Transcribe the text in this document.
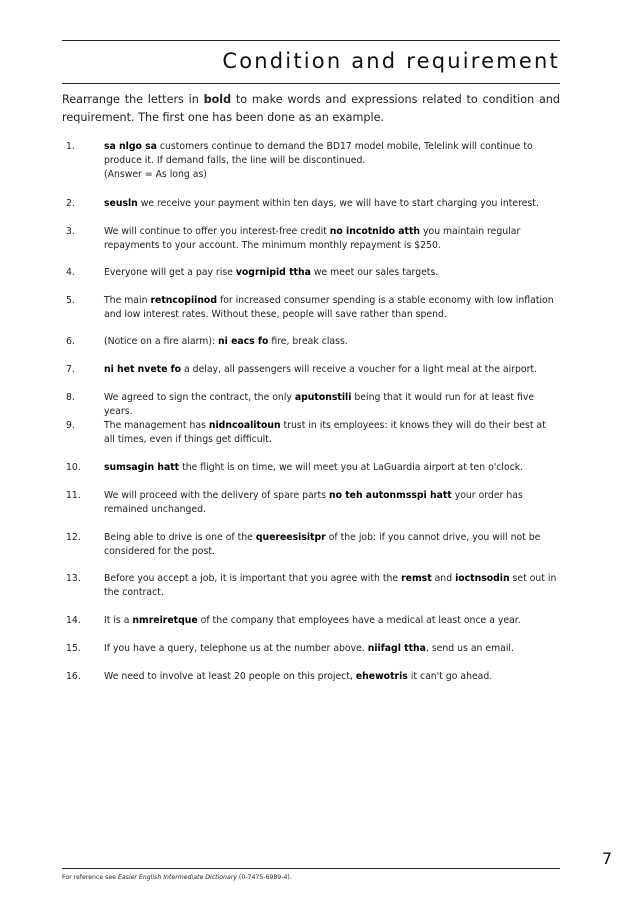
Condition and requirement
Rearrange the letters in bold to make words and expressions related to condition and requirement. The first one has been done as an example.
1.	sa nlgo sa customers continue to demand the BD17 model mobile, Telelink will continue to produce it. If demand falls, the line will be discontinued.
(Answer = As long as)
2.	seusln we receive your payment within ten days, we will have to start charging you interest.
3.	We will continue to offer you interest-free credit no incotnido atth you maintain regular repayments to your account. The minimum monthly repayment is $250.
4.	Everyone will get a pay rise vogrnipid ttha we meet our sales targets.
5.	The main retncopiinod for increased consumer spending is a stable economy with low inflation and low interest rates. Without these, people will save rather than spend.
6.	(Notice on a fire alarm): ni eacs fo fire, break class.
7.	ni het nvete fo a delay, all passengers will receive a voucher for a light meal at the airport.
8.	We agreed to sign the contract, the only aputonstili being that it would run for at least five years.
9.	The management has nidncoalitoun trust in its employees: it knows they will do their best at all times, even if things get difficult.
10.	sumsagin hatt the flight is on time, we will meet you at LaGuardia airport at ten o'clock.
11.	We will proceed with the delivery of spare parts no teh autonmsspi hatt your order has remained unchanged.
12.	Being able to drive is one of the quereesisitpr of the job: if you cannot drive, you will not be considered for the post.
13.	Before you accept a job, it is important that you agree with the remst and ioctnsodin set out in the contract.
14.	It is a nmreiretque of the company that employees have a medical at least once a year.
15.	If you have a query, telephone us at the number above. niifagl ttha, send us an email.
16.	We need to involve at least 20 people on this project, ehewotris it can't go ahead.
7
For reference see Easier English Intermediate Dictionary (0-7475-6989-4).
